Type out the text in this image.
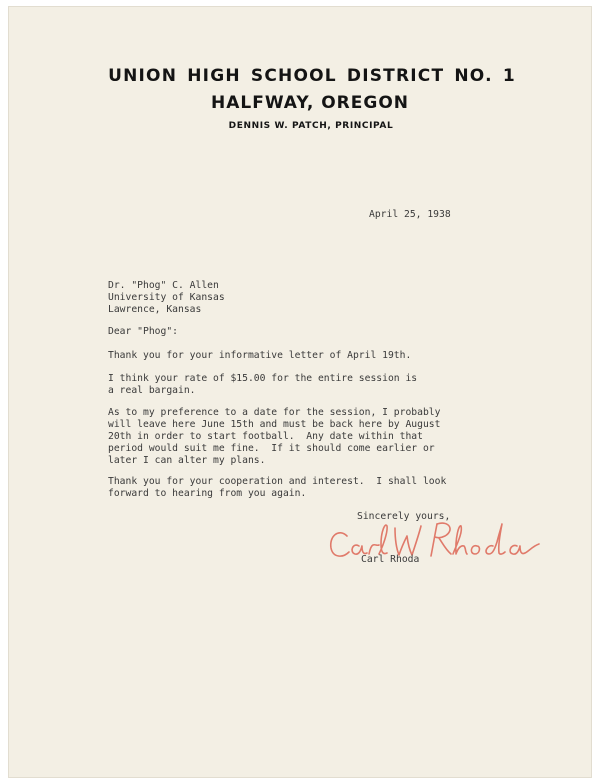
UNION HIGH SCHOOL DISTRICT NO. 1
HALFWAY, OREGON
DENNIS W. PATCH, PRINCIPAL
April 25, 1938
Dr. "Phog" C. Allen
University of Kansas
Lawrence, Kansas
Dear "Phog":
Thank you for your informative letter of April 19th.
I think your rate of $15.00 for the entire session is
a real bargain.
As to my preference to a date for the session, I probably
will leave here June 15th and must be back here by August
20th in order to start football.  Any date within that
period would suit me fine.  If it should come earlier or
later I can alter my plans.
Thank you for your cooperation and interest.  I shall look
forward to hearing from you again.
Sincerely yours,
Carl Rhoda
